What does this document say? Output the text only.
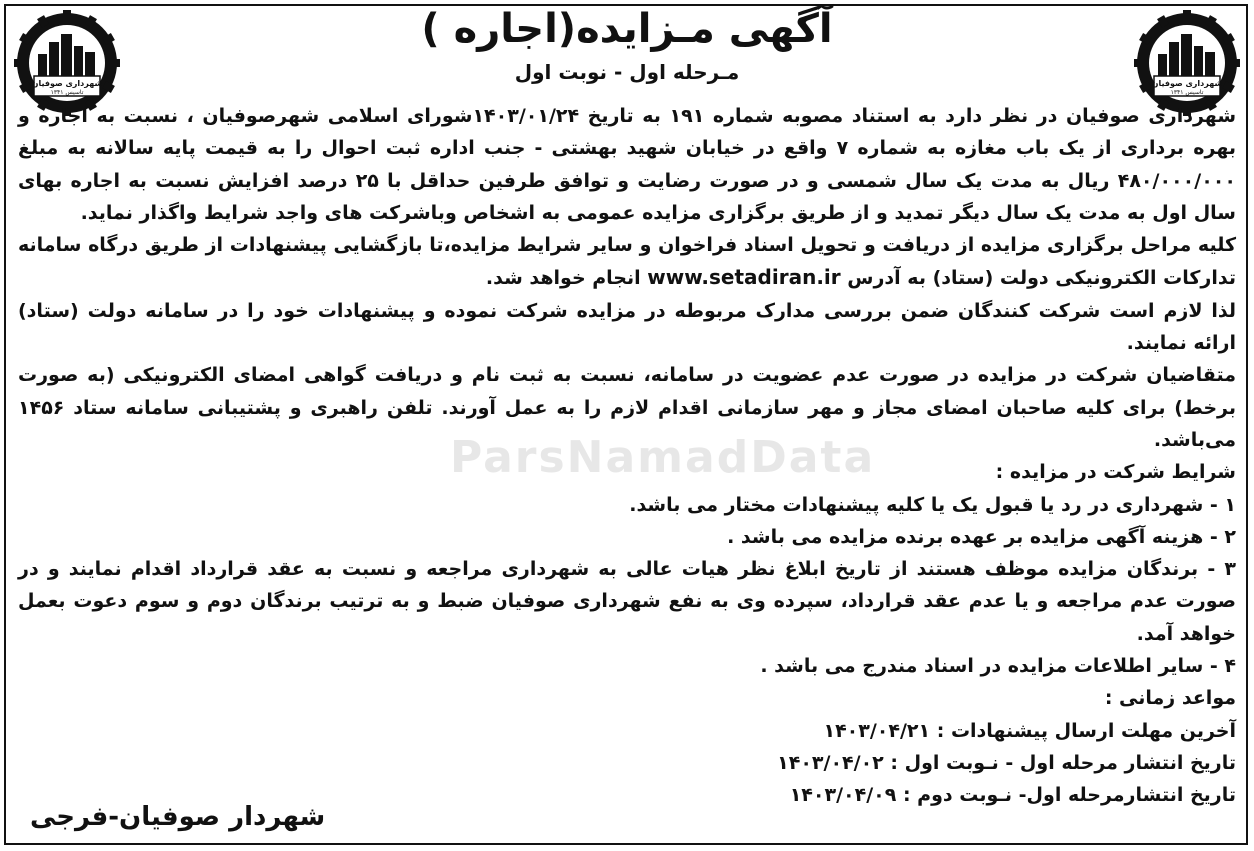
شهرداری صوفیان
تاسیس ۱۳۴۱
شهرداری صوفیان
تاسیس ۱۳۴۱
آگهی مـزایده(اجاره )
مـرحله اول - نوبت اول
ParsNamadData

شهرداری صوفیان در نظر دارد به استناد مصوبه شماره ۱۹۱ به تاریخ ۱۴۰۳/۰۱/۲۴شورای اسلامی شهرصوفیان ، نسبت به اجاره و بهره برداری از یک باب مغازه به شماره ۷ واقع در خیابان شهید بهشتی - جنب اداره ثبت احوال را به قیمت پایه سالانه به مبلغ ۴۸۰/۰۰۰/۰۰۰ ریال به مدت یک سال شمسی و در صورت رضایت و توافق طرفین حداقل با ۲۵ درصد افزایش نسبت به اجاره بهای سال اول به مدت یک سال دیگر تمدید و از طریق برگزاری مزایده عمومی به اشخاص وباشرکت های واجد شرایط واگذار نماید.

کلیه مراحل برگزاری مزایده از دریافت و تحویل اسناد فراخوان و سایر شرایط مزایده،تا بازگشایی پیشنهادات از طریق درگاه سامانه تدارکات الکترونیکی دولت (ستاد) به آدرس www.setadiran.ir انجام خواهد شد.

لذا لازم است شرکت کنندگان ضمن بررسی مدارک مربوطه در مزایده شرکت نموده و پیشنهادات خود را در سامانه دولت (ستاد) ارائه نمایند.

متقاضیان شرکت در مزایده در صورت عدم عضویت در سامانه، نسبت به ثبت نام و دریافت گواهی امضای الکترونیکی (به صورت برخط) برای کلیه صاحبان امضای مجاز و مهر سازمانی اقدام لازم را به عمل آورند. تلفن راهبری و پشتیبانی سامانه ستاد ۱۴۵۶ می‌باشد.

شرایط شرکت در مزایده :

۱ - شهرداری در رد یا قبول یک یا کلیه پیشنهادات مختار می باشد.

۲ - هزینه آگهی مزایده بر عهده برنده مزایده می باشد .

۳ - برندگان مزایده موظف هستند از تاریخ ابلاغ نظر هیات عالی به شهرداری مراجعه و نسبت به عقد قرارداد اقدام نمایند و در صورت عدم مراجعه و یا عدم عقد قرارداد، سپرده وی به نفع شهرداری صوفیان ضبط و به ترتیب برندگان دوم و سوم دعوت بعمل خواهد آمد.

۴ - سایر اطلاعات مزایده در اسناد مندرج می باشد .

مواعد زمانی :

آخرین مهلت ارسال پیشنهادات : ۱۴۰۳/۰۴/۲۱

تاریخ انتشار مرحله اول - نـوبت اول : ۱۴۰۳/۰۴/۰۲

تاریخ انتشارمرحله اول- نـوبت دوم : ۱۴۰۳/۰۴/۰۹

شهردار صوفیان-فرجی
